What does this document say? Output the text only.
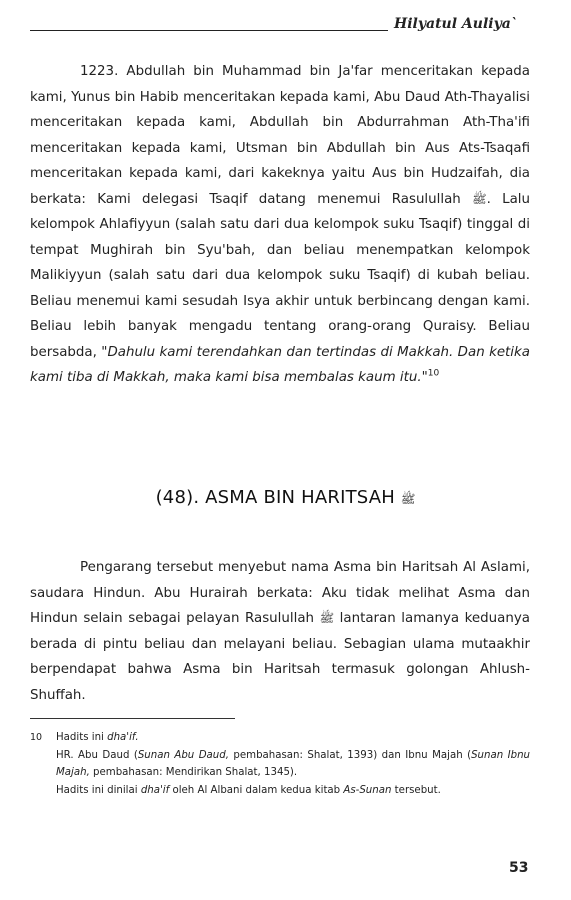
Hilyatul Auliya`

1223. Abdullah bin Muhammad bin Ja'far menceritakan kepada kami, Yunus bin Habib menceritakan kepada kami, Abu Daud Ath-Thayalisi menceritakan kepada kami, Abdullah bin Abdurrahman Ath-Tha'ifi menceritakan kepada kami, Utsman bin Abdullah bin Aus Ats-Tsaqafi menceritakan kepada kami, dari kakeknya yaitu Aus bin Hudzaifah, dia berkata: Kami delegasi Tsaqif datang menemui Rasulullah ﷺ. Lalu kelompok Ahlafiyyun (salah satu dari dua kelompok suku Tsaqif) tinggal di tempat Mughirah bin Syu'bah, dan beliau menempatkan kelompok Malikiyyun (salah satu dari dua kelompok suku Tsaqif) di kubah beliau. Beliau menemui kami sesudah Isya akhir untuk berbincang dengan kami. Beliau lebih banyak mengadu tentang orang-orang Quraisy. Beliau bersabda, "Dahulu kami terendahkan dan tertindas di Makkah. Dan ketika kami tiba di Makkah, maka kami bisa membalas kaum itu."$^{10}$

(48). ASMA BIN HARITSAH ﷺ

Pengarang tersebut menyebut nama Asma bin Haritsah Al Aslami, saudara Hindun. Abu Hurairah berkata: Aku tidak melihat Asma dan Hindun selain sebagai pelayan Rasulullah ﷺ lantaran lamanya keduanya berada di pintu beliau dan melayani beliau. Sebagian ulama mutaakhir berpendapat bahwa Asma bin Haritsah termasuk golongan Ahlush-Shuffah.

10	Hadits ini dha'if.
HR. Abu Daud (Sunan Abu Daud, pembahasan: Shalat, 1393) dan Ibnu Majah (Sunan Ibnu Majah, pembahasan: Mendirikan Shalat, 1345).
Hadits ini dinilai dha'if oleh Al Albani dalam kedua kitab As-Sunan tersebut.
53
